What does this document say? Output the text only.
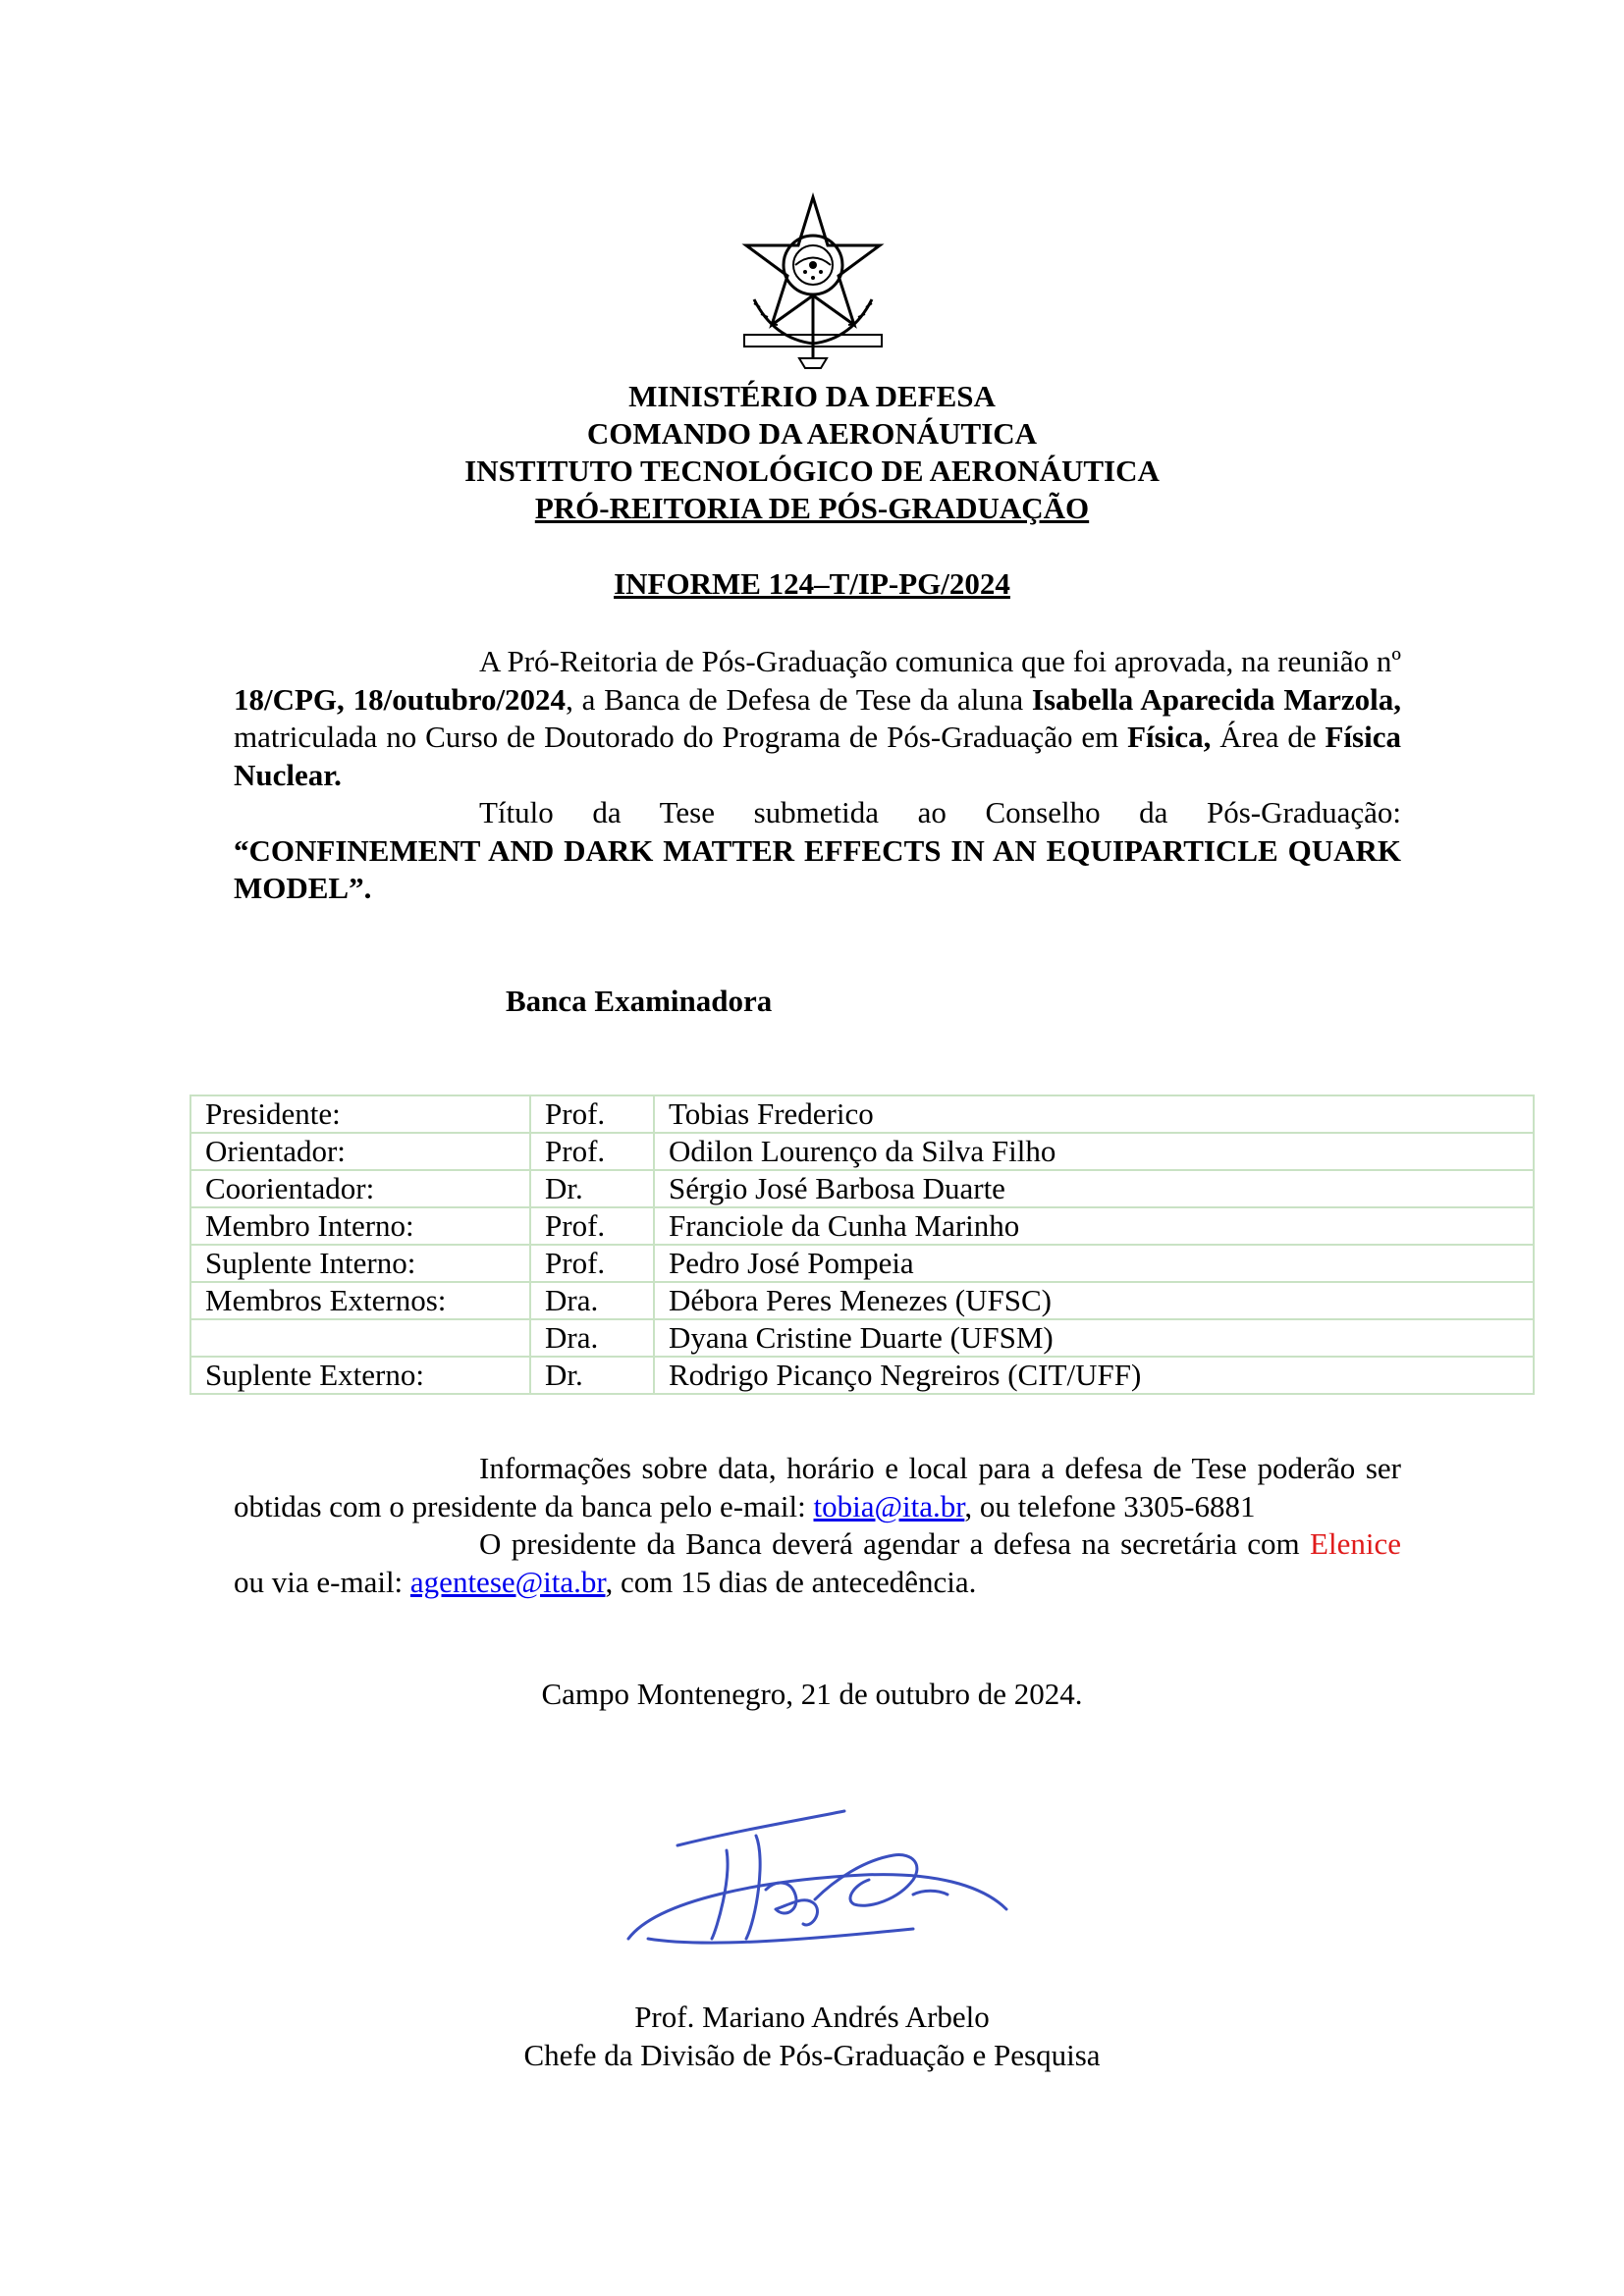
MINISTÉRIO DA DEFESA
COMANDO DA AERONÁUTICA
INSTITUTO TECNOLÓGICO DE AERONÁUTICA
PRÓ-REITORIA DE PÓS-GRADUAÇÃO
INFORME 124–T/IP-PG/2024

A Pró-Reitoria de Pós-Graduação comunica que foi aprovada, na reunião nº 18/CPG, 18/outubro/2024, a Banca de Defesa de Tese da aluna Isabella Aparecida Marzola, matriculada no Curso de Doutorado do Programa de Pós-Graduação em Física, Área de Física Nuclear.

Título da Tese submetida ao Conselho da Pós-Graduação: “CONFINEMENT AND DARK MATTER EFFECTS IN AN EQUIPARTICLE QUARK MODEL”.

Banca Examinadora
Presidente:	Prof.	Tobias Frederico
Orientador:	Prof.	Odilon Lourenço da Silva Filho
Coorientador:	Dr.	Sérgio José Barbosa Duarte
Membro Interno:	Prof.	Franciole da Cunha Marinho
Suplente Interno:	Prof.	Pedro José Pompeia
Membros Externos:	Dra.	Débora Peres Menezes (UFSC)
	Dra.	Dyana Cristine Duarte (UFSM)
Suplente Externo:	Dr.	Rodrigo Picanço Negreiros (CIT/UFF)

Informações sobre data, horário e local para a defesa de Tese poderão ser obtidas com o presidente da banca pelo e-mail: tobia@ita.br, ou telefone 3305-6881

O presidente da Banca deverá agendar a defesa na secretária com Elenice ou via e-mail: agentese@ita.br, com 15 dias de antecedência.

Campo Montenegro, 21 de outubro de 2024.
Prof. Mariano Andrés Arbelo
Chefe da Divisão de Pós-Graduação e Pesquisa
